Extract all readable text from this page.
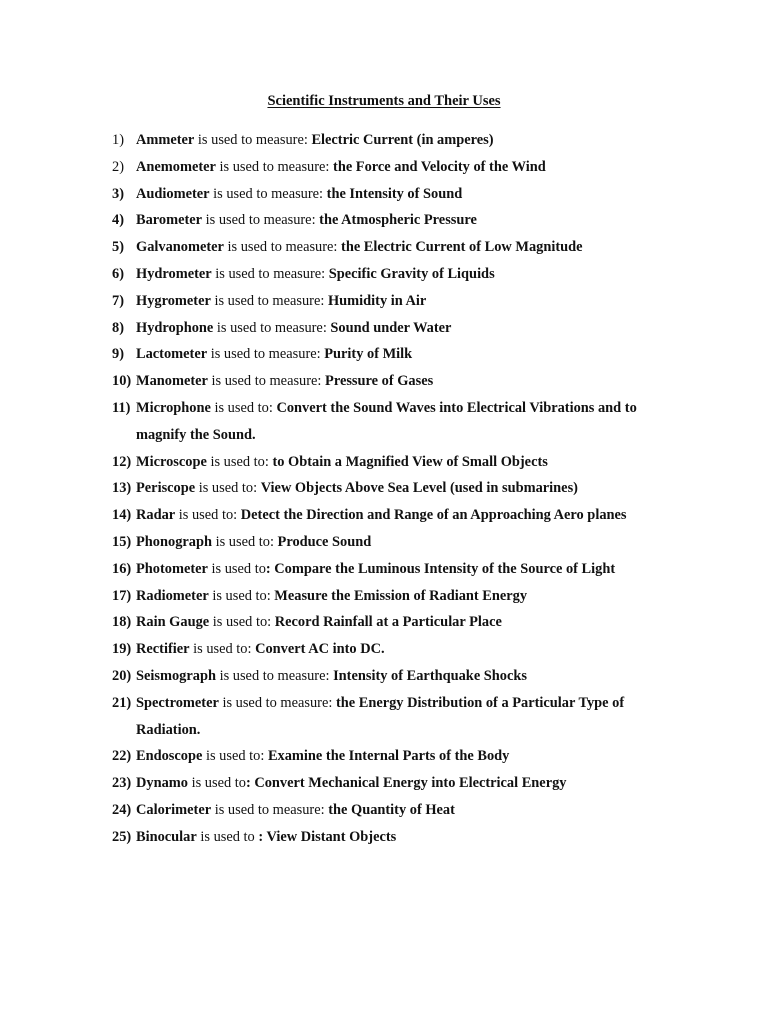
Scientific Instruments and Their Uses
1) Ammeter is used to measure: Electric Current (in amperes)
2) Anemometer is used to measure: the Force and Velocity of the Wind
3) Audiometer is used to measure: the Intensity of Sound
4) Barometer is used to measure: the Atmospheric Pressure
5) Galvanometer is used to measure: the Electric Current of Low Magnitude
6) Hydrometer is used to measure: Specific Gravity of Liquids
7) Hygrometer is used to measure: Humidity in Air
8) Hydrophone is used to measure: Sound under Water
9) Lactometer is used to measure: Purity of Milk
10) Manometer is used to measure: Pressure of Gases
11) Microphone is used to: Convert the Sound Waves into Electrical Vibrations and to magnify the Sound.
12) Microscope is used to: to Obtain a Magnified View of Small Objects
13) Periscope is used to: View Objects Above Sea Level (used in submarines)
14) Radar is used to: Detect the Direction and Range of an Approaching Aero planes
15) Phonograph is used to: Produce Sound
16) Photometer is used to: Compare the Luminous Intensity of the Source of Light
17) Radiometer is used to: Measure the Emission of Radiant Energy
18) Rain Gauge is used to: Record Rainfall at a Particular Place
19) Rectifier is used to: Convert AC into DC.
20) Seismograph is used to measure: Intensity of Earthquake Shocks
21) Spectrometer is used to measure: the Energy Distribution of a Particular Type of Radiation.
22) Endoscope is used to: Examine the Internal Parts of the Body
23) Dynamo is used to: Convert Mechanical Energy into Electrical Energy
24) Calorimeter is used to measure: the Quantity of Heat
25) Binocular is used to : View Distant Objects
